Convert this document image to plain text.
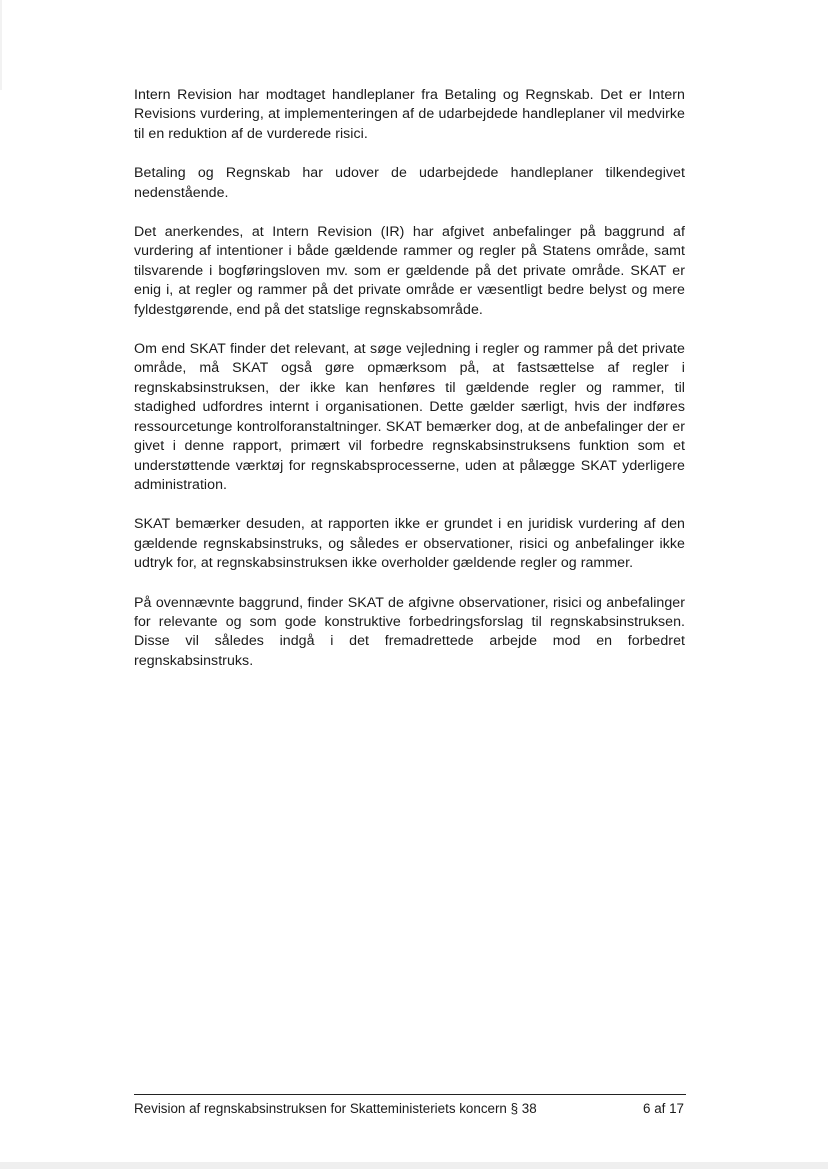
Intern Revision har modtaget handleplaner fra Betaling og Regnskab. Det er Intern Revisions vurdering, at implementeringen af de udarbejdede handleplaner vil medvirke til en reduktion af de vurderede risici.

Betaling og Regnskab har udover de udarbejdede handleplaner tilkendegivet nedenstående.

Det anerkendes, at Intern Revision (IR) har afgivet anbefalinger på baggrund af vurdering af intentioner i både gældende rammer og regler på Statens område, samt tilsvarende i bogføringsloven mv. som er gældende på det private område. SKAT er enig i, at regler og rammer på det private område er væsentligt bedre belyst og mere fyldestgørende, end på det statslige regnskabsområde.

Om end SKAT finder det relevant, at søge vejledning i regler og rammer på det private område, må SKAT også gøre opmærksom på, at fastsættelse af regler i regnskabsinstruksen, der ikke kan henføres til gældende regler og rammer, til stadighed udfordres internt i organisationen. Dette gælder særligt, hvis der indføres ressourcetunge kontrolforanstaltninger. SKAT bemærker dog, at de anbefalinger der er givet i denne rapport, primært vil forbedre regnskabsinstruksens funktion som et understøttende værktøj for regnskabsprocesserne, uden at pålægge SKAT yderligere administration.

SKAT bemærker desuden, at rapporten ikke er grundet i en juridisk vurdering af den gældende regnskabsinstruks, og således er observationer, risici og anbefalinger ikke udtryk for, at regnskabsinstruksen ikke overholder gældende regler og rammer.

På ovennævnte baggrund, finder SKAT de afgivne observationer, risici og anbefalinger for relevante og som gode konstruktive forbedringsforslag til regnskabsinstruksen. Disse vil således indgå i det fremadrettede arbejde mod en forbedret regnskabsinstruks.

Revision af regnskabsinstruksen for Skatteministeriets koncern § 38	6 af 17
